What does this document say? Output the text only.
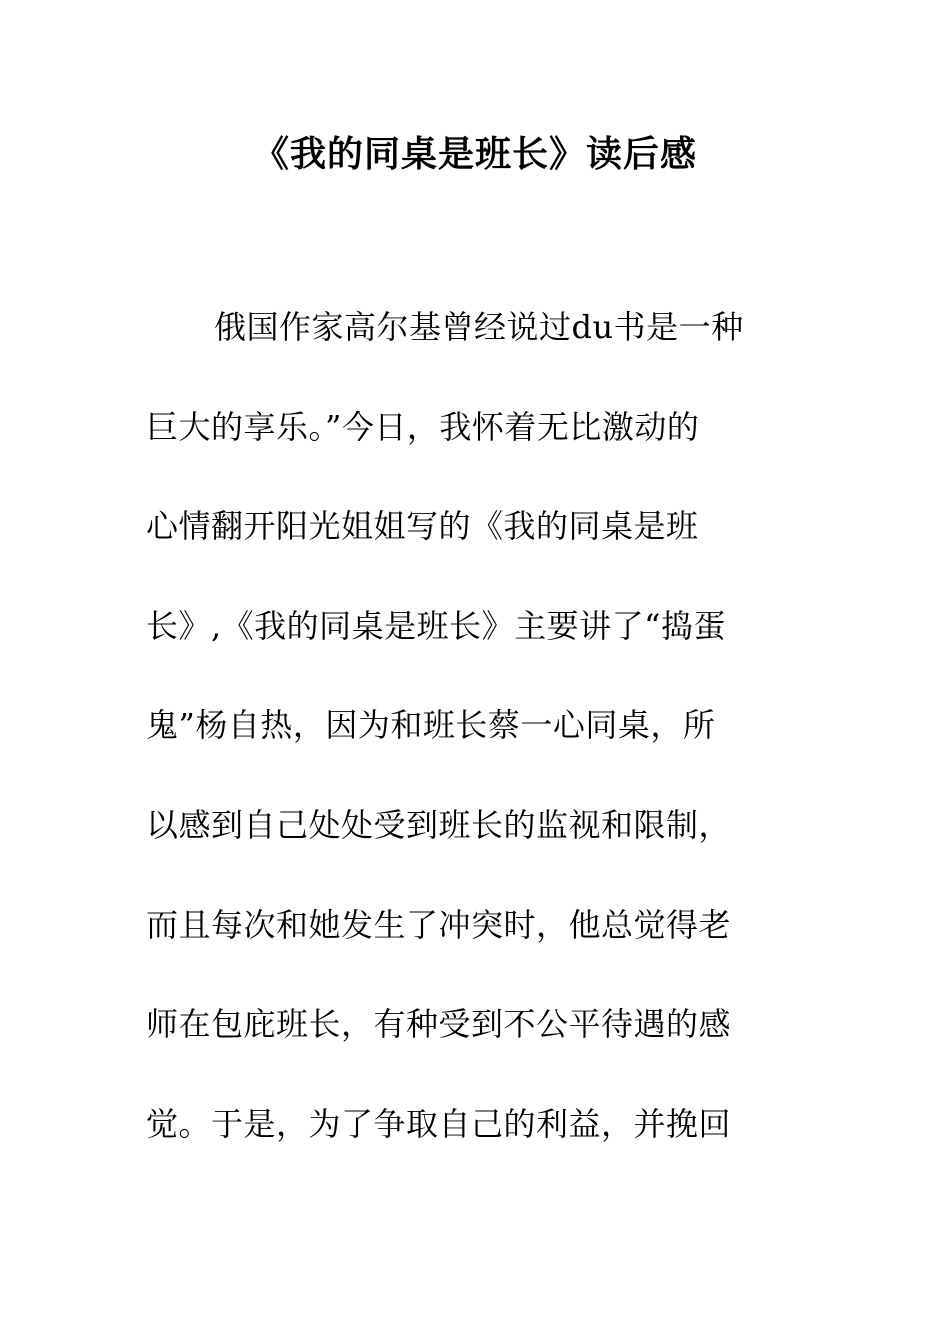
《我的同桌是班长》读后感
俄国作家高尔基曾经说过du书是一种
巨大的享乐。”今日，我怀着无比激动的
心情翻开阳光姐姐写的《我的同桌是班
长》,《我的同桌是班长》主要讲了“捣蛋
鬼”杨自热，因为和班长蔡一心同桌，所
以感到自己处处受到班长的监视和限制，
而且每次和她发生了冲突时，他总觉得老
师在包庇班长，有种受到不公平待遇的感
觉。于是，为了争取自己的利益，并挽回
